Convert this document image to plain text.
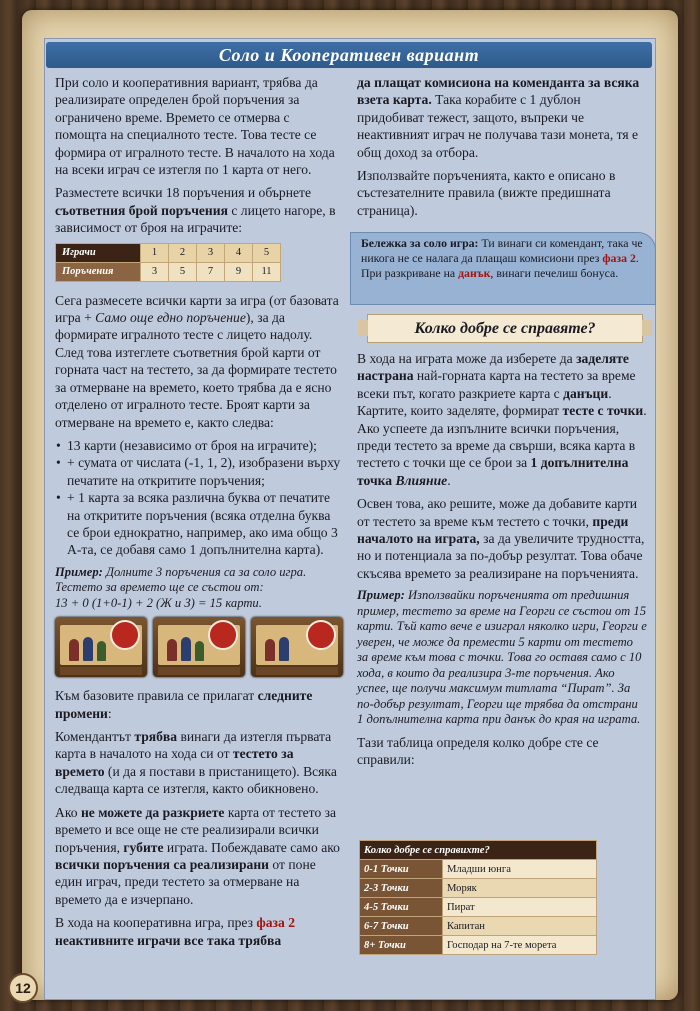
Соло и Кооперативен вариант

При соло и кооперативния вариант, трябва да реализирате определен брой поръчения за ограничено време. Времето се отмерва с помощта на специалното тесте. Това тесте се формира от игралното тесте. В началото на хода на всеки играч се изтегля по 1 карта от него.

Разместете всички 18 поръчения и обърнете съответния брой поръчения с лицето нагоре, в зависимост от броя на играчите:

Играчи	1	2	3	4	5
Поръчения	3	5	7	9	11

Сега размесете всички карти за игра (от базовата игра + Само още едно поръчение), за да формирате игралното тесте с лицето надолу. След това изтеглете съответния брой карти от горната част на тестето, за да формирате тестето за отмерване на времето, което трябва да е ясно отделено от игралното тесте. Броят карти за отмерване на времето е, както следва:

• 13 карти (независимо от броя на играчите);
• + сумата от числата (-1, 1, 2), изобразени върху печатите на откритите поръчения;
• + 1 карта за всяка различна буква от печатите на откритите поръчения (всяка отделна буква се брои еднократно, например, ако има общо 3 А-та, се добавя само 1 допълнителна карта).
Пример: Долните 3 поръчения са за соло игра. Тестето за времето ще се състои от:
13 + 0 (1+0-1) + 2 (Ж и З) = 15 карти.

Към базовите правила се прилагат следните промени:

Комендантът трябва винаги да изтегля първата карта в началото на хода си от тестето за времето (и да я постави в пристанището). Всяка следваща карта се изтегля, както обикновено.

Ако не можете да разкриете карта от тестето за времето и все още не сте реализирали всички поръчения, губите играта. Побеждавате само ако всички поръчения са реализирани от поне един играч, преди тестето за отмерване на времето да е изчерпано.

В хода на кооперативна игра, през фаза 2 неактивните играчи все така трябва

да плащат комисиона на коменданта за всяка взета карта. Така корабите с 1 дублон придобиват тежест, защото, въпреки че неактивният играч не получава тази монета, тя е общ доход за отбора.

Използвайте поръченията, както е описано в състезателните правила (вижте предишната страница).

Бележка за соло игра: Ти винаги си комендант, така че никога не се налага да плащаш комисиони през фаза 2. При разкриване на данък, винаги печелиш бонуса.
Колко добре се справяте?

В хода на играта може да изберете да заделяте настрана най-горната карта на тестето за време всеки път, когато разкриете карта с данъци. Картите, които заделяте, формират тесте с точки. Ако успеете да изпълните всички поръчения, преди тестето за време да свърши, всяка карта в тестето с точки ще се брои за 1 допълнителна точка Влияние.

Освен това, ако решите, може да добавите карти от тестето за време към тестето с точки, преди началото на играта, за да увеличите трудността, но и потенциала за по-добър резултат. Това обаче скъсява времето за реализиране на поръченията.

Пример: Използвайки поръченията от предишния пример, тестето за време на Георги се състои от 15 карти. Тъй като вече е изиграл няколко игри, Георги е уверен, че може да премести 5 карти от тестето за време към това с точки. Това го оставя само с 10 хода, в които да реализира 3-те поръчения. Ако успее, ще получи максимум титлата “Пират”. За по-добър резултат, Георги ще трябва да отстрани 1 допълнителна карта при данък до края на играта.

Тази таблица определя колко добре сте се справили:

Колко добре се справихте?	
0-1 Точки	Младши юнга
2-3 Точки	Моряк
4-5 Точки	Пират
6-7 Точки	Капитан
8+ Точки	Господар на 7-те морета
12
